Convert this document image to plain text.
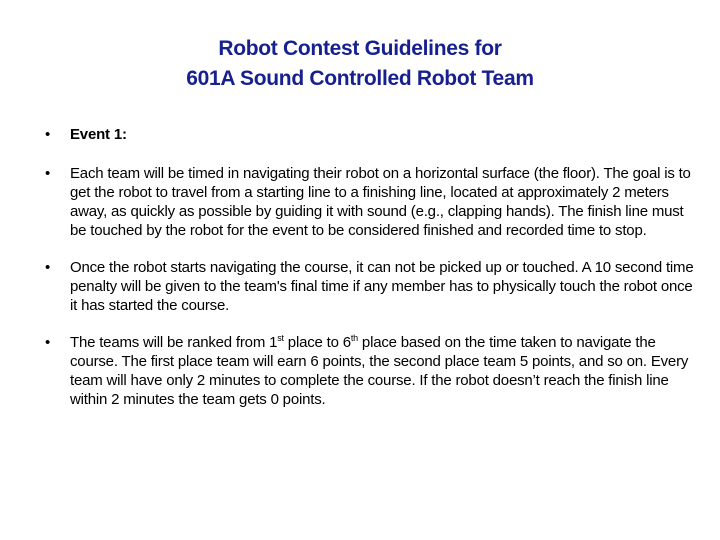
Robot Contest Guidelines for
601A Sound Controlled Robot Team
• Event 1:
• Each team will be timed in navigating their robot on a horizontal surface (the floor). The goal is to get the robot to travel from a starting line to a finishing line, located at approximately 2 meters away, as quickly as possible by guiding it with sound (e.g., clapping hands). The finish line must be touched by the robot for the event to be considered finished and recorded time to stop.
• Once the robot starts navigating the course, it can not be picked up or touched. A 10 second time penalty will be given to the team's final time if any member has to physically touch the robot once it has started the course.
• The teams will be ranked from 1st place to 6th place based on the time taken to navigate the course. The first place team will earn 6 points, the second place team 5 points, and so on. Every team will have only 2 minutes to complete the course. If the robot doesn’t reach the finish line within 2 minutes the team gets 0 points.
